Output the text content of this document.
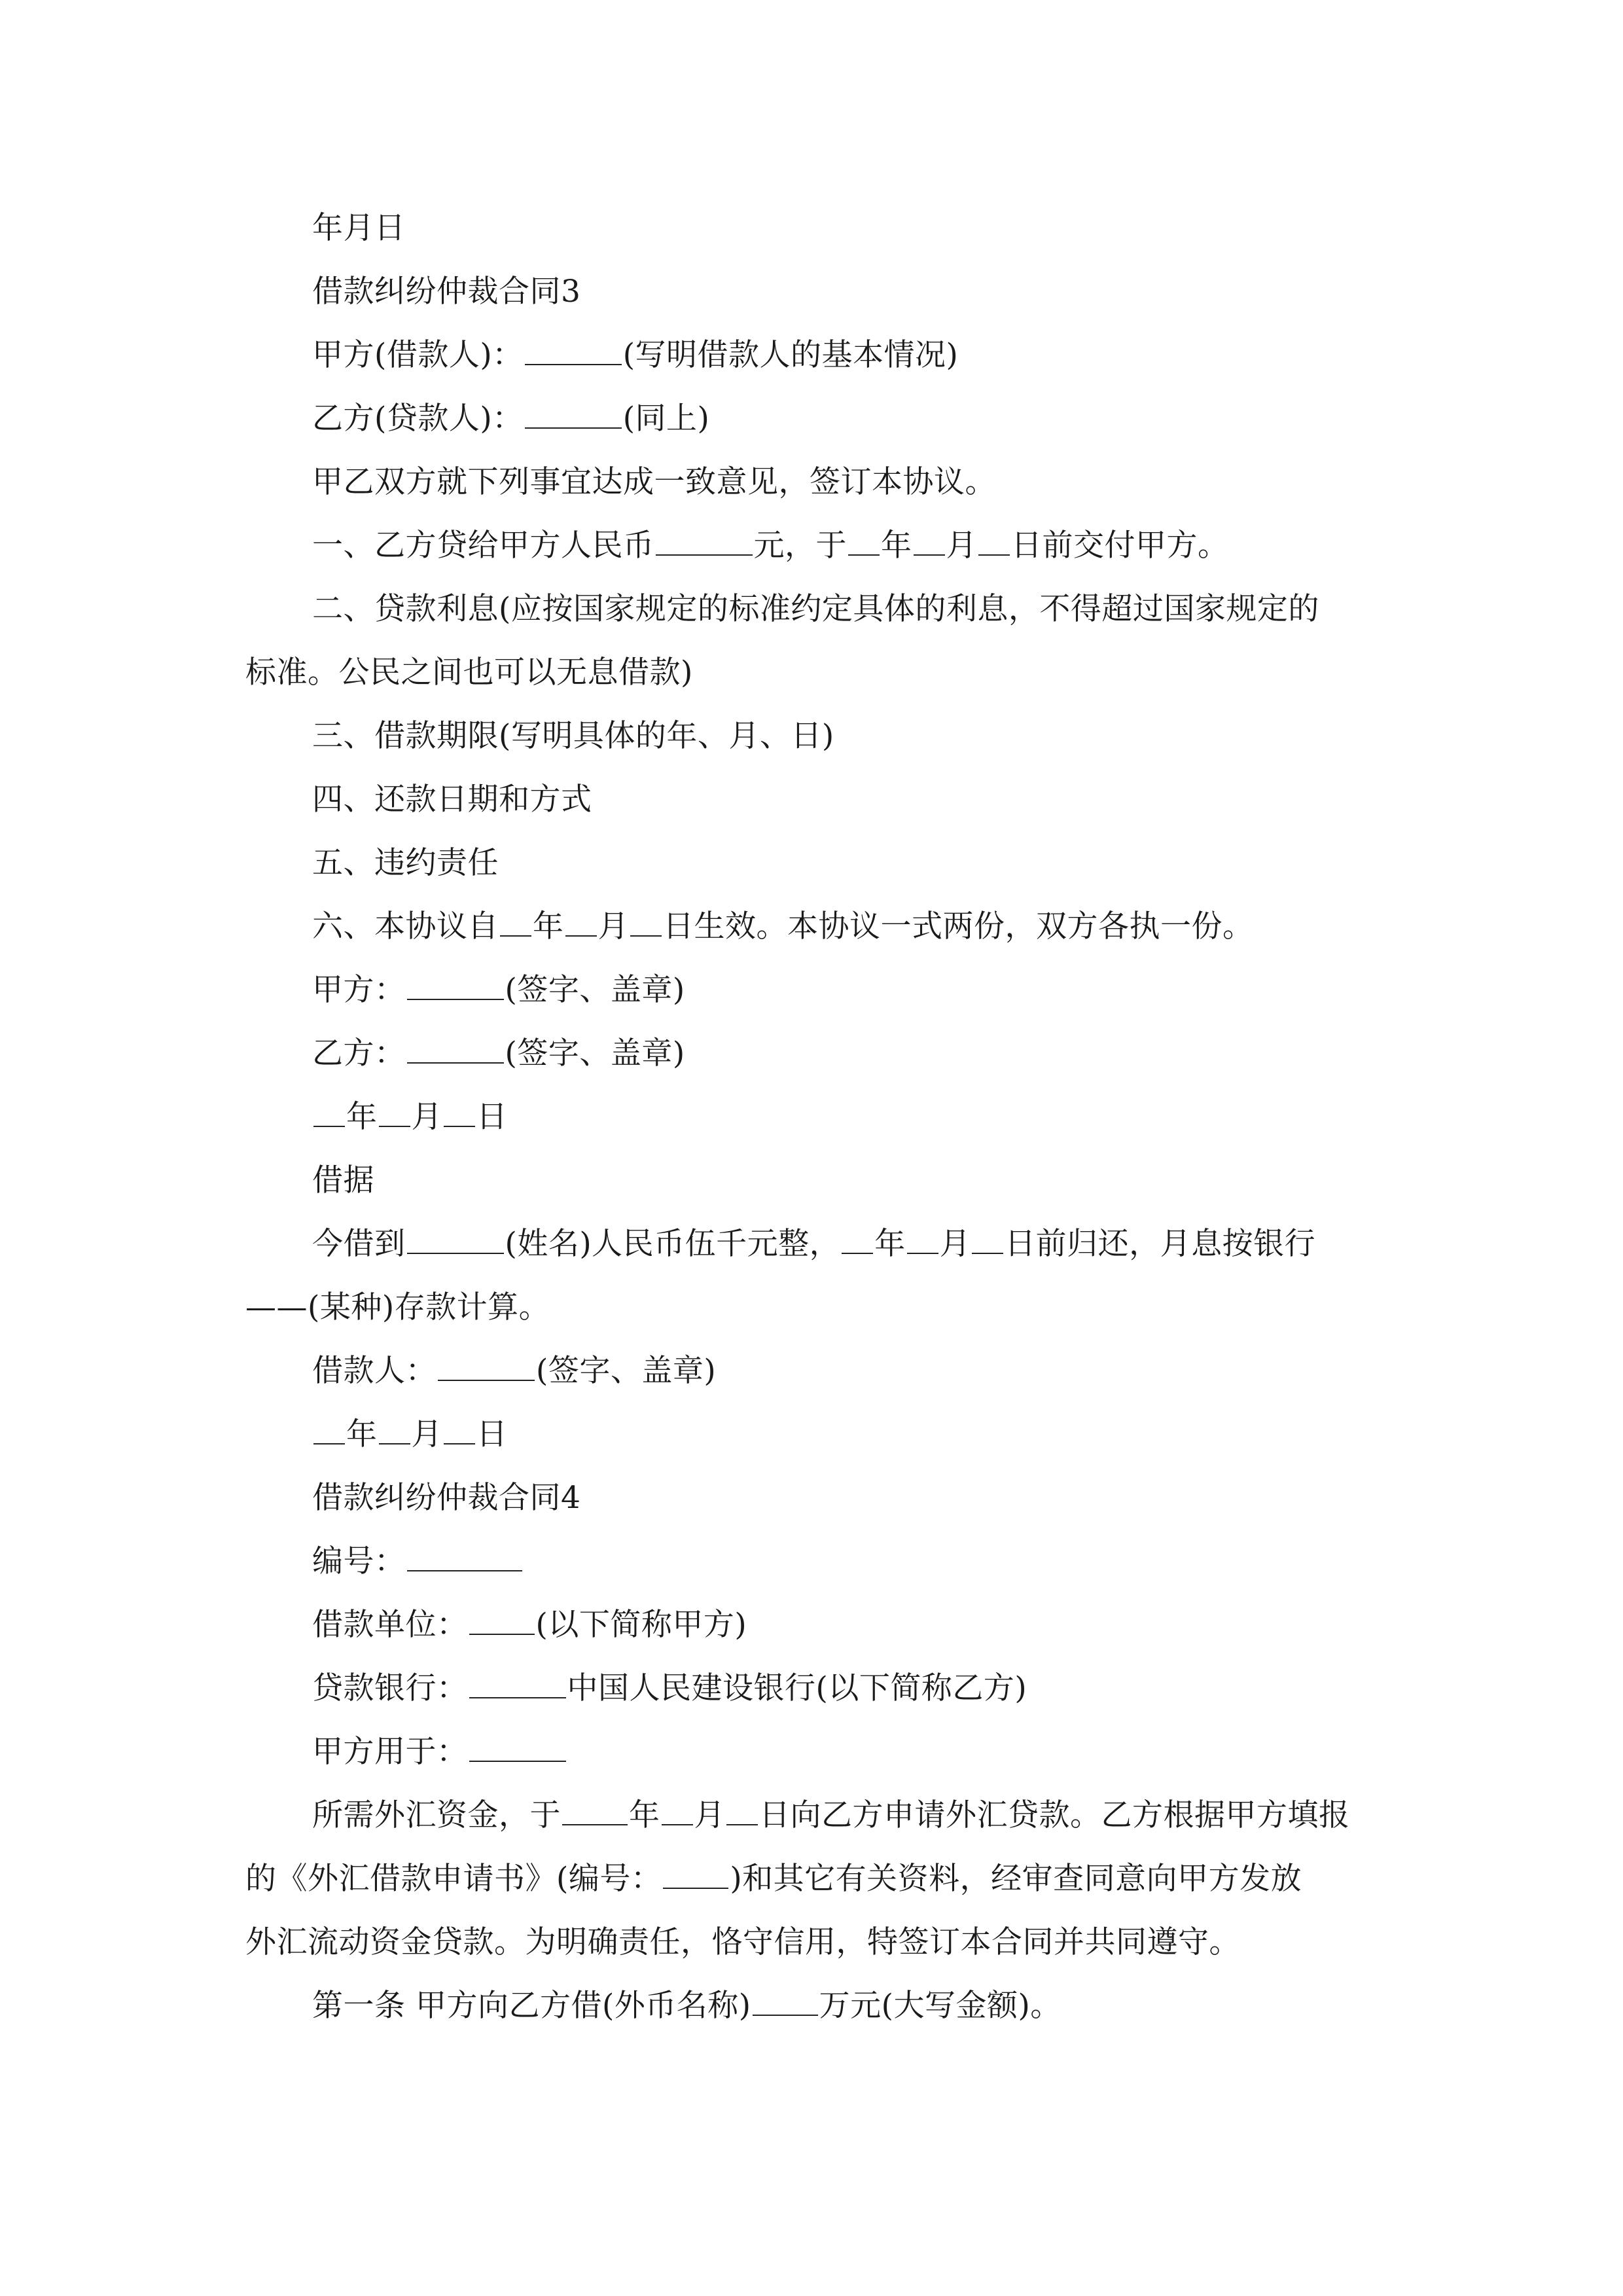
年月日
借款纠纷仲裁合同3
甲方(借款人)：	(写明借款人的基本情况)
乙方(贷款人)：	(同上)
甲乙双方就下列事宜达成一致意见，签订本协议。
一、乙方贷给甲方人民币	元，于 年 月 日前交付甲方。
二、贷款利息(应按国家规定的标准约定具体的利息，不得超过国家规定的
标准。公民之间也可以无息借款)
三、借款期限(写明具体的年、月、日)
四、还款日期和方式
五、违约责任
六、本协议自 年 月 日生效。本协议一式两份，双方各执一份。
甲方：	(签字、盖章)
乙方：	(签字、盖章)
年 月 日
借据
今借到	(姓名)人民币伍千元整， 年 月 日前归还，月息按银行
——(某种)存款计算。
借款人：	(签字、盖章)
年 月 日
借款纠纷仲裁合同4
编号：
借款单位： (以下简称甲方)
贷款银行：	中国人民建设银行(以下简称乙方)
甲方用于：
所需外汇资金，于 年 月 日向乙方申请外汇贷款。乙方根据甲方填报
的《外汇借款申请书》(编号： )和其它有关资料，经审查同意向甲方发放
外汇流动资金贷款。为明确责任，恪守信用，特签订本合同并共同遵守。
第一条 甲方向乙方借(外币名称) 万元(大写金额)。
